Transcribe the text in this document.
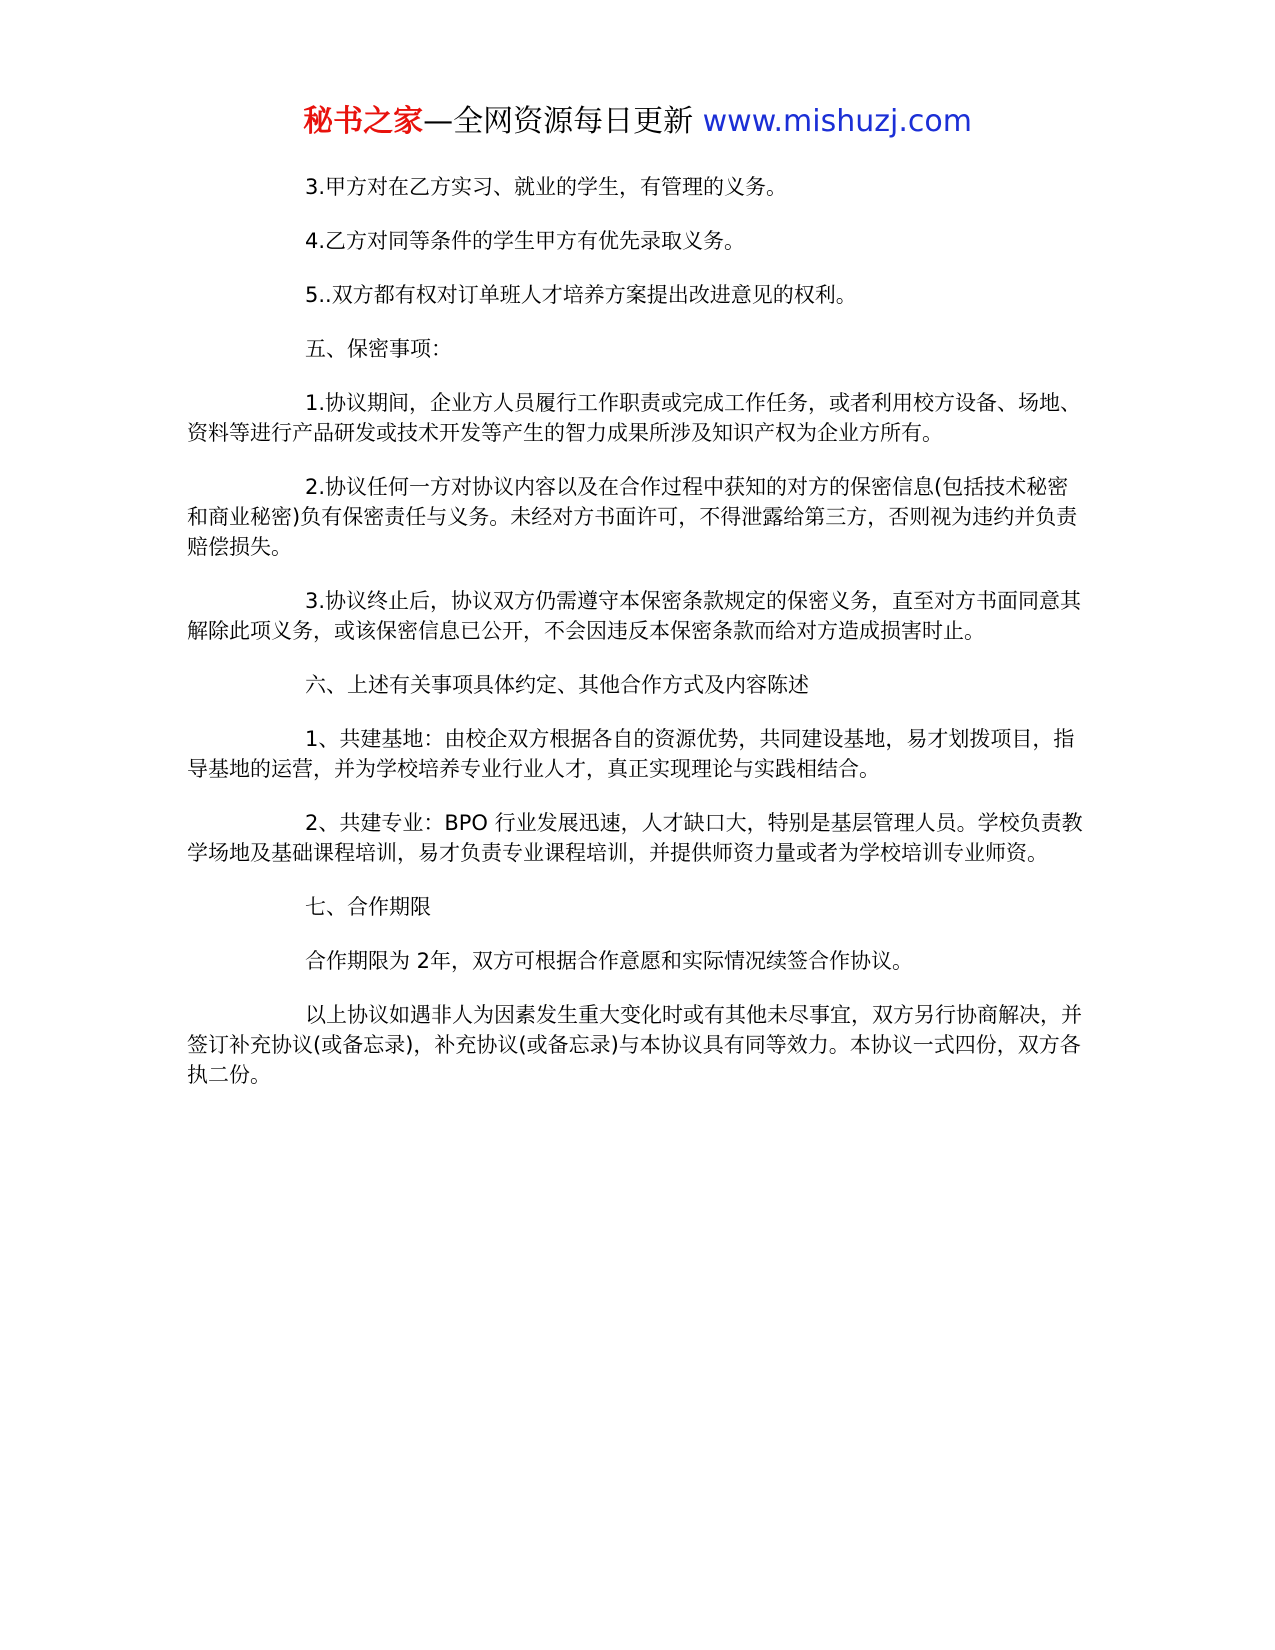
秘书之家—全网资源每日更新 www.mishuzj.com

3.甲方对在乙方实习、就业的学生，有管理的义务。

4.乙方对同等条件的学生甲方有优先录取义务。

5..双方都有权对订单班人才培养方案提出改进意见的权利。

五、保密事项：

1.协议期间，企业方人员履行工作职责或完成工作任务，或者利用校方设备、场地、资料等进行产品研发或技术开发等产生的智力成果所涉及知识产权为企业方所有。

2.协议任何一方对协议内容以及在合作过程中获知的对方的保密信息(包括技术秘密和商业秘密)负有保密责任与义务。未经对方书面许可，不得泄露给第三方，否则视为违约并负责赔偿损失。

3.协议终止后，协议双方仍需遵守本保密条款规定的保密义务，直至对方书面同意其解除此项义务，或该保密信息已公开，不会因违反本保密条款而给对方造成损害时止。

六、上述有关事项具体约定、其他合作方式及内容陈述

1、共建基地：由校企双方根据各自的资源优势，共同建设基地，易才划拨项目，指导基地的运营，并为学校培养专业行业人才，真正实现理论与实践相结合。

2、共建专业：BPO 行业发展迅速，人才缺口大，特别是基层管理人员。学校负责教学场地及基础课程培训，易才负责专业课程培训，并提供师资力量或者为学校培训专业师资。

七、合作期限

合作期限为 2年，双方可根据合作意愿和实际情况续签合作协议。

以上协议如遇非人为因素发生重大变化时或有其他未尽事宜，双方另行协商解决，并签订补充协议(或备忘录)，补充协议(或备忘录)与本协议具有同等效力。本协议一式四份，双方各执二份。
